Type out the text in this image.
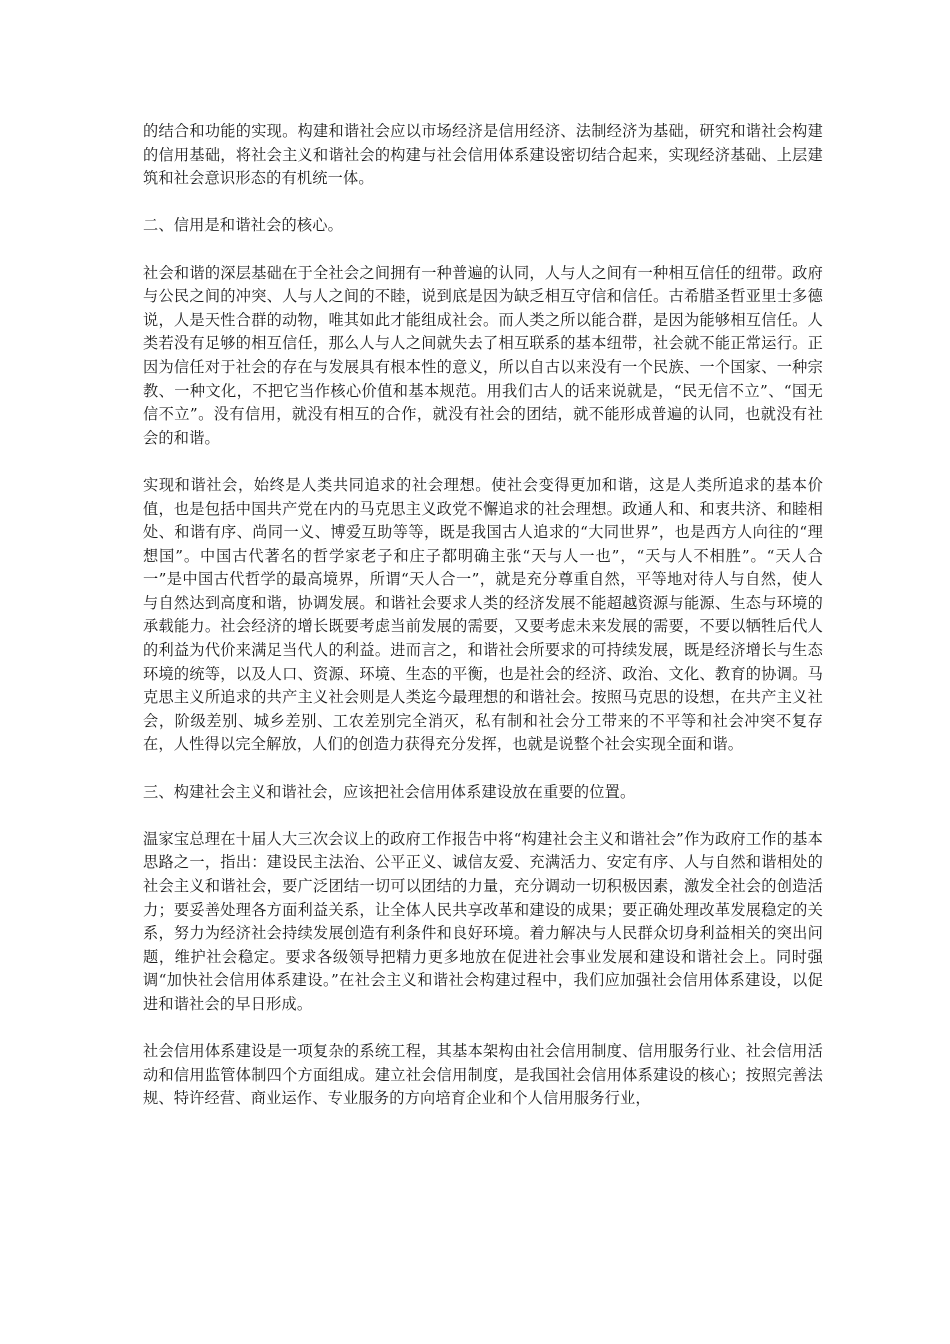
的结合和功能的实现。构建和谐社会应以市场经济是信用经济、法制经济为基础，研究和谐社会构建的信用基础，将社会主义和谐社会的构建与社会信用体系建设密切结合起来，实现经济基础、上层建筑和社会意识形态的有机统一体。

二、信用是和谐社会的核心。

社会和谐的深层基础在于全社会之间拥有一种普遍的认同，人与人之间有一种相互信任的纽带。政府与公民之间的冲突、人与人之间的不睦，说到底是因为缺乏相互守信和信任。古希腊圣哲亚里士多德说，人是天性合群的动物，唯其如此才能组成社会。而人类之所以能合群，是因为能够相互信任。人类若没有足够的相互信任，那么人与人之间就失去了相互联系的基本纽带，社会就不能正常运行。正因为信任对于社会的存在与发展具有根本性的意义，所以自古以来没有一个民族、一个国家、一种宗教、一种文化，不把它当作核心价值和基本规范。用我们古人的话来说就是，“民无信不立”、“国无信不立”。没有信用，就没有相互的合作，就没有社会的团结，就不能形成普遍的认同，也就没有社会的和谐。

实现和谐社会，始终是人类共同追求的社会理想。使社会变得更加和谐，这是人类所追求的基本价值，也是包括中国共产党在内的马克思主义政党不懈追求的社会理想。政通人和、和衷共济、和睦相处、和谐有序、尚同一义、博爱互助等等，既是我国古人追求的“大同世界”，也是西方人向往的“理想国”。中国古代著名的哲学家老子和庄子都明确主张“天与人一也”，“天与人不相胜”。“天人合一”是中国古代哲学的最高境界，所谓“天人合一”，就是充分尊重自然，平等地对待人与自然，使人与自然达到高度和谐，协调发展。和谐社会要求人类的经济发展不能超越资源与能源、生态与环境的承载能力。社会经济的增长既要考虑当前发展的需要，又要考虑未来发展的需要，不要以牺牲后代人的利益为代价来满足当代人的利益。进而言之，和谐社会所要求的可持续发展，既是经济增长与生态环境的统等，以及人口、资源、环境、生态的平衡，也是社会的经济、政治、文化、教育的协调。马克思主义所追求的共产主义社会则是人类迄今最理想的和谐社会。按照马克思的设想，在共产主义社会，阶级差别、城乡差别、工农差别完全消灭，私有制和社会分工带来的不平等和社会冲突不复存在，人性得以完全解放，人们的创造力获得充分发挥，也就是说整个社会实现全面和谐。

三、构建社会主义和谐社会，应该把社会信用体系建设放在重要的位置。

温家宝总理在十届人大三次会议上的政府工作报告中将“构建社会主义和谐社会”作为政府工作的基本思路之一，指出：建设民主法治、公平正义、诚信友爱、充满活力、安定有序、人与自然和谐相处的社会主义和谐社会，要广泛团结一切可以团结的力量，充分调动一切积极因素，激发全社会的创造活力；要妥善处理各方面利益关系，让全体人民共享改革和建设的成果；要正确处理改革发展稳定的关系，努力为经济社会持续发展创造有利条件和良好环境。着力解决与人民群众切身利益相关的突出问题，维护社会稳定。要求各级领导把精力更多地放在促进社会事业发展和建设和谐社会上。同时强调“加快社会信用体系建设。”在社会主义和谐社会构建过程中，我们应加强社会信用体系建设，以促进和谐社会的早日形成。

社会信用体系建设是一项复杂的系统工程，其基本架构由社会信用制度、信用服务行业、社会信用活动和信用监管体制四个方面组成。建立社会信用制度，是我国社会信用体系建设的核心；按照完善法规、特许经营、商业运作、专业服务的方向培育企业和个人信用服务行业，
